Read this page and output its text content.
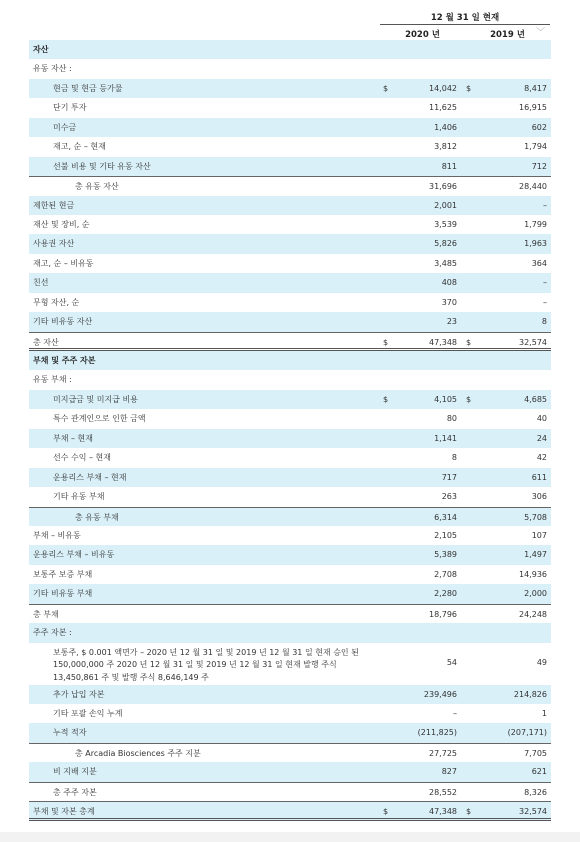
12 월 31 일 현재
2020 년	2019 년	﹀
자산
유동 자산 :
현금 및 현금 등가물	$	14,042 $	8,417
단기 투자	11,625	16,915
미수금	1,406	602
재고, 순 – 현재	3,812	1,794
선불 비용 및 기타 유동 자산	811	712
총 유동 자산	31,696	28,440
제한된 현금	2,001	–
재산 및 장비, 순	3,539	1,799
사용권 자산	5,826	1,963
재고, 순 – 비유동	3,485	364
친선	408	–
무형 자산, 순	370	–
기타 비유동 자산	23	8
총 자산	$	47,348 $	32,574
부채 및 주주 자본
유동 부채 :
미지급금 및 미지급 비용	$	4,105 $	4,685
특수 관계인으로 인한 금액	80	40
부채 – 현재	1,141	24
선수 수익 – 현재	8	42
운용리스 부채 – 현재	717	611
기타 유동 부채	263	306
총 유동 부채	6,314	5,708
부채 – 비유동	2,105	107
운용리스 부채 – 비유동	5,389	1,497
보통주 보증 부채	2,708	14,936
기타 비유동 부채	2,280	2,000
총 부채	18,796	24,248
주주 자본 :
보통주, $ 0.001 액면가 – 2020 년 12 월 31 일 및 2019 년 12 월 31 일 현재 승인 된 150,000,000 주 2020 년 12 월 31 일 및 2019 년 12 월 31 일 현재 발행 주식 13,450,861 주 및 발행 주식 8,646,149 주
54	49
추가 납입 자본	239,496	214,826
기타 포괄 손익 누계	–	1
누적 적자	(211,825)	(207,171)
총 Arcadia Biosciences 주주 지분	27,725	7,705
비 지배 지분	827	621
총 주주 자본	28,552	8,326
부채 및 자본 총계	$	47,348 $	32,574
